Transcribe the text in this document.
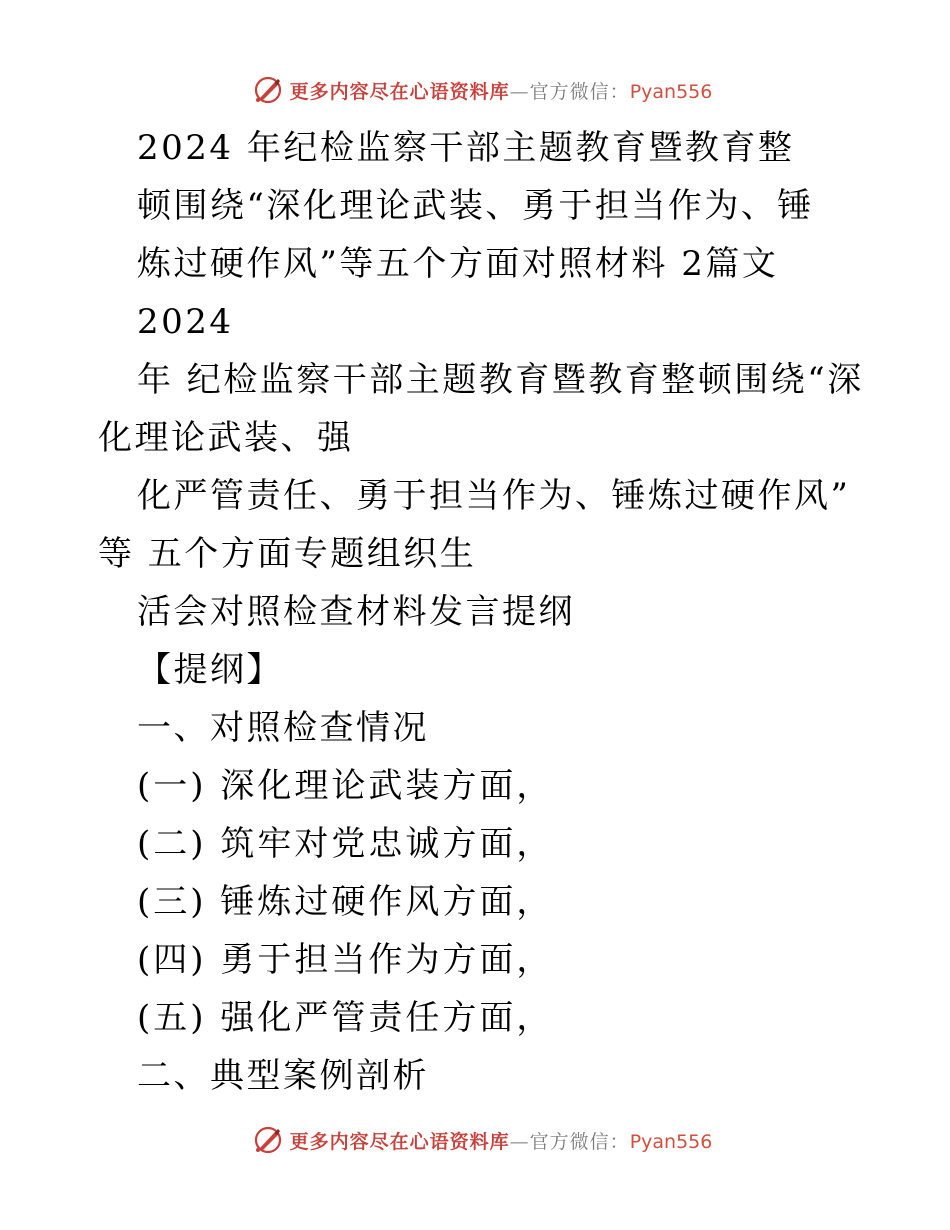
更多内容尽在心语资料库—官方微信：Pyan556
2024 年纪检监察干部主题教育暨教育整
顿围绕“深化理论武装、勇于担当作为、锤
炼过硬作风”等五个方面对照材料 2篇文
2024
年 纪检监察干部主题教育暨教育整顿围绕“深
化理论武装、强
化严管责任、勇于担当作为、锤炼过硬作风”
等 五个方面专题组织生
活会对照检查材料发言提纲
【提纲】
一、对照检查情况
(一) 深化理论武装方面，
(二) 筑牢对党忠诚方面，
(三) 锤炼过硬作风方面，
(四) 勇于担当作为方面，
(五) 强化严管责任方面，
二、典型案例剖析
更多内容尽在心语资料库—官方微信：Pyan556
